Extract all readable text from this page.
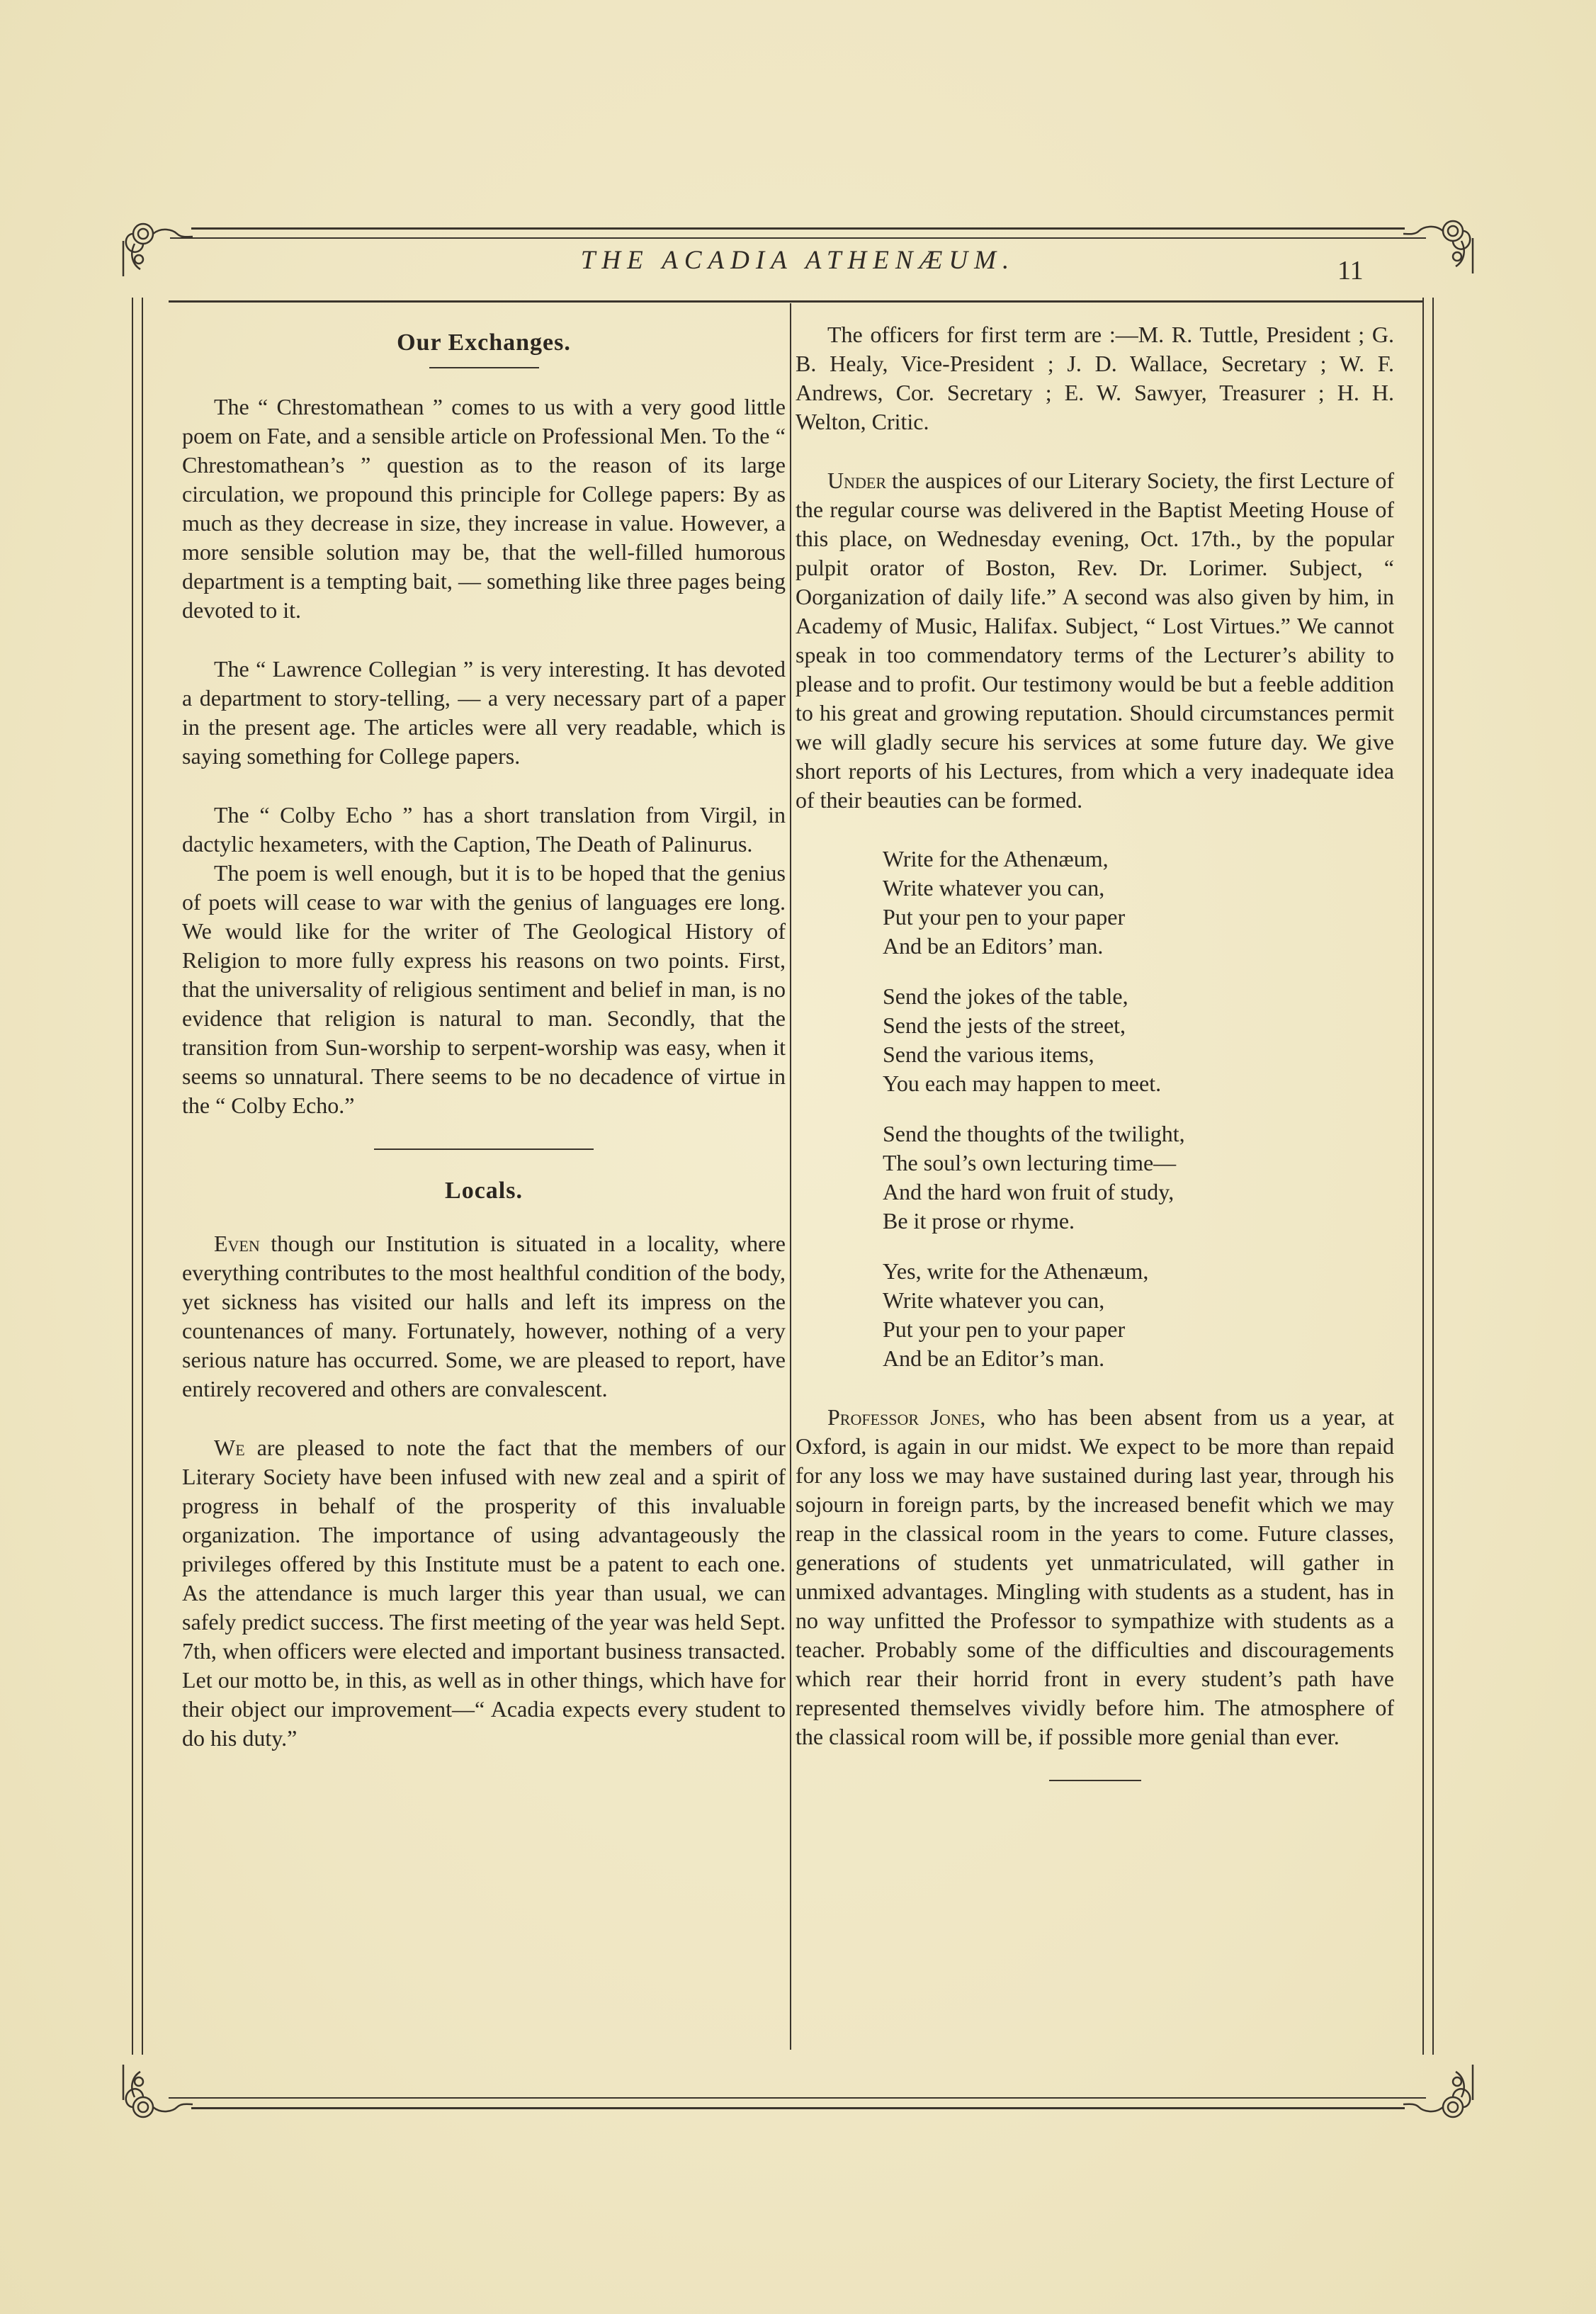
THE ACADIA ATHENÆUM.	11
Our Exchanges.

The “ Chrestomathean ” comes to us with a very good little poem on Fate, and a sensible article on Professional Men. To the “ Chrestomathean’s ” question as to the reason of its large circulation, we propound this principle for College papers: By as much as they decrease in size, they increase in value. However, a more sensible solution may be, that the well-filled humorous department is a tempting bait, — something like three pages being devoted to it.

The “ Lawrence Collegian ” is very interesting. It has devoted a department to story-telling, — a very necessary part of a paper in the present age. The articles were all very readable, which is saying something for College papers.

The “ Colby Echo ” has a short translation from Virgil, in dactylic hexameters, with the Caption, The Death of Palinurus.

The poem is well enough, but it is to be hoped that the genius of poets will cease to war with the genius of languages ere long. We would like for the writer of The Geological History of Religion to more fully express his reasons on two points. First, that the universality of religious sentiment and belief in man, is no evidence that religion is natural to man. Secondly, that the transition from Sun-worship to serpent-worship was easy, when it seems so unnatural. There seems to be no decadence of virtue in the “ Colby Echo.”

Locals.

Even though our Institution is situated in a locality, where everything contributes to the most healthful condition of the body, yet sickness has visited our halls and left its impress on the countenances of many. Fortunately, however, nothing of a very serious nature has occurred. Some, we are pleased to report, have entirely recovered and others are convalescent.

We are pleased to note the fact that the members of our Literary Society have been infused with new zeal and a spirit of progress in behalf of the prosperity of this invaluable organization. The importance of using advantageously the privileges offered by this Institute must be a patent to each one. As the attendance is much larger this year than usual, we can safely predict success. The first meeting of the year was held Sept. 7th, when officers were elected and important business transacted. Let our motto be, in this, as well as in other things, which have for their object our improvement—“ Acadia expects every student to do his duty.”

The officers for first term are :—M. R. Tuttle, President ; G. B. Healy, Vice-President ; J. D. Wallace, Secretary ; W. F. Andrews, Cor. Secretary ; E. W. Sawyer, Treasurer ; H. H. Welton, Critic.

Under the auspices of our Literary Society, the first Lecture of the regular course was delivered in the Baptist Meeting House of this place, on Wednesday evening, Oct. 17th., by the popular pulpit orator of Boston, Rev. Dr. Lorimer. Subject, “ Oorganization of daily life.” A second was also given by him, in Academy of Music, Halifax. Subject, “ Lost Virtues.” We cannot speak in too commendatory terms of the Lecturer’s ability to please and to profit. Our testimony would be but a feeble addition to his great and growing reputation. Should circumstances permit we will gladly secure his services at some future day. We give short reports of his Lectures, from which a very inadequate idea of their beauties can be formed.

Write for the Athenæum,
Write whatever you can,
Put your pen to your paper
And be an Editors’ man.
Send the jokes of the table,
Send the jests of the street,
Send the various items,
You each may happen to meet.
Send the thoughts of the twilight,
The soul’s own lecturing time—
And the hard won fruit of study,
Be it prose or rhyme.
Yes, write for the Athenæum,
Write whatever you can,
Put your pen to your paper
And be an Editor’s man.

Professor Jones, who has been absent from us a year, at Oxford, is again in our midst. We expect to be more than repaid for any loss we may have sustained during last year, through his sojourn in foreign parts, by the increased benefit which we may reap in the classical room in the years to come. Future classes, generations of students yet unmatriculated, will gather in unmixed advantages. Mingling with students as a student, has in no way unfitted the Professor to sympathize with students as a teacher. Probably some of the difficulties and discouragements which rear their horrid front in every student’s path have represented themselves vividly before him. The atmosphere of the classical room will be, if possible more genial than ever.
